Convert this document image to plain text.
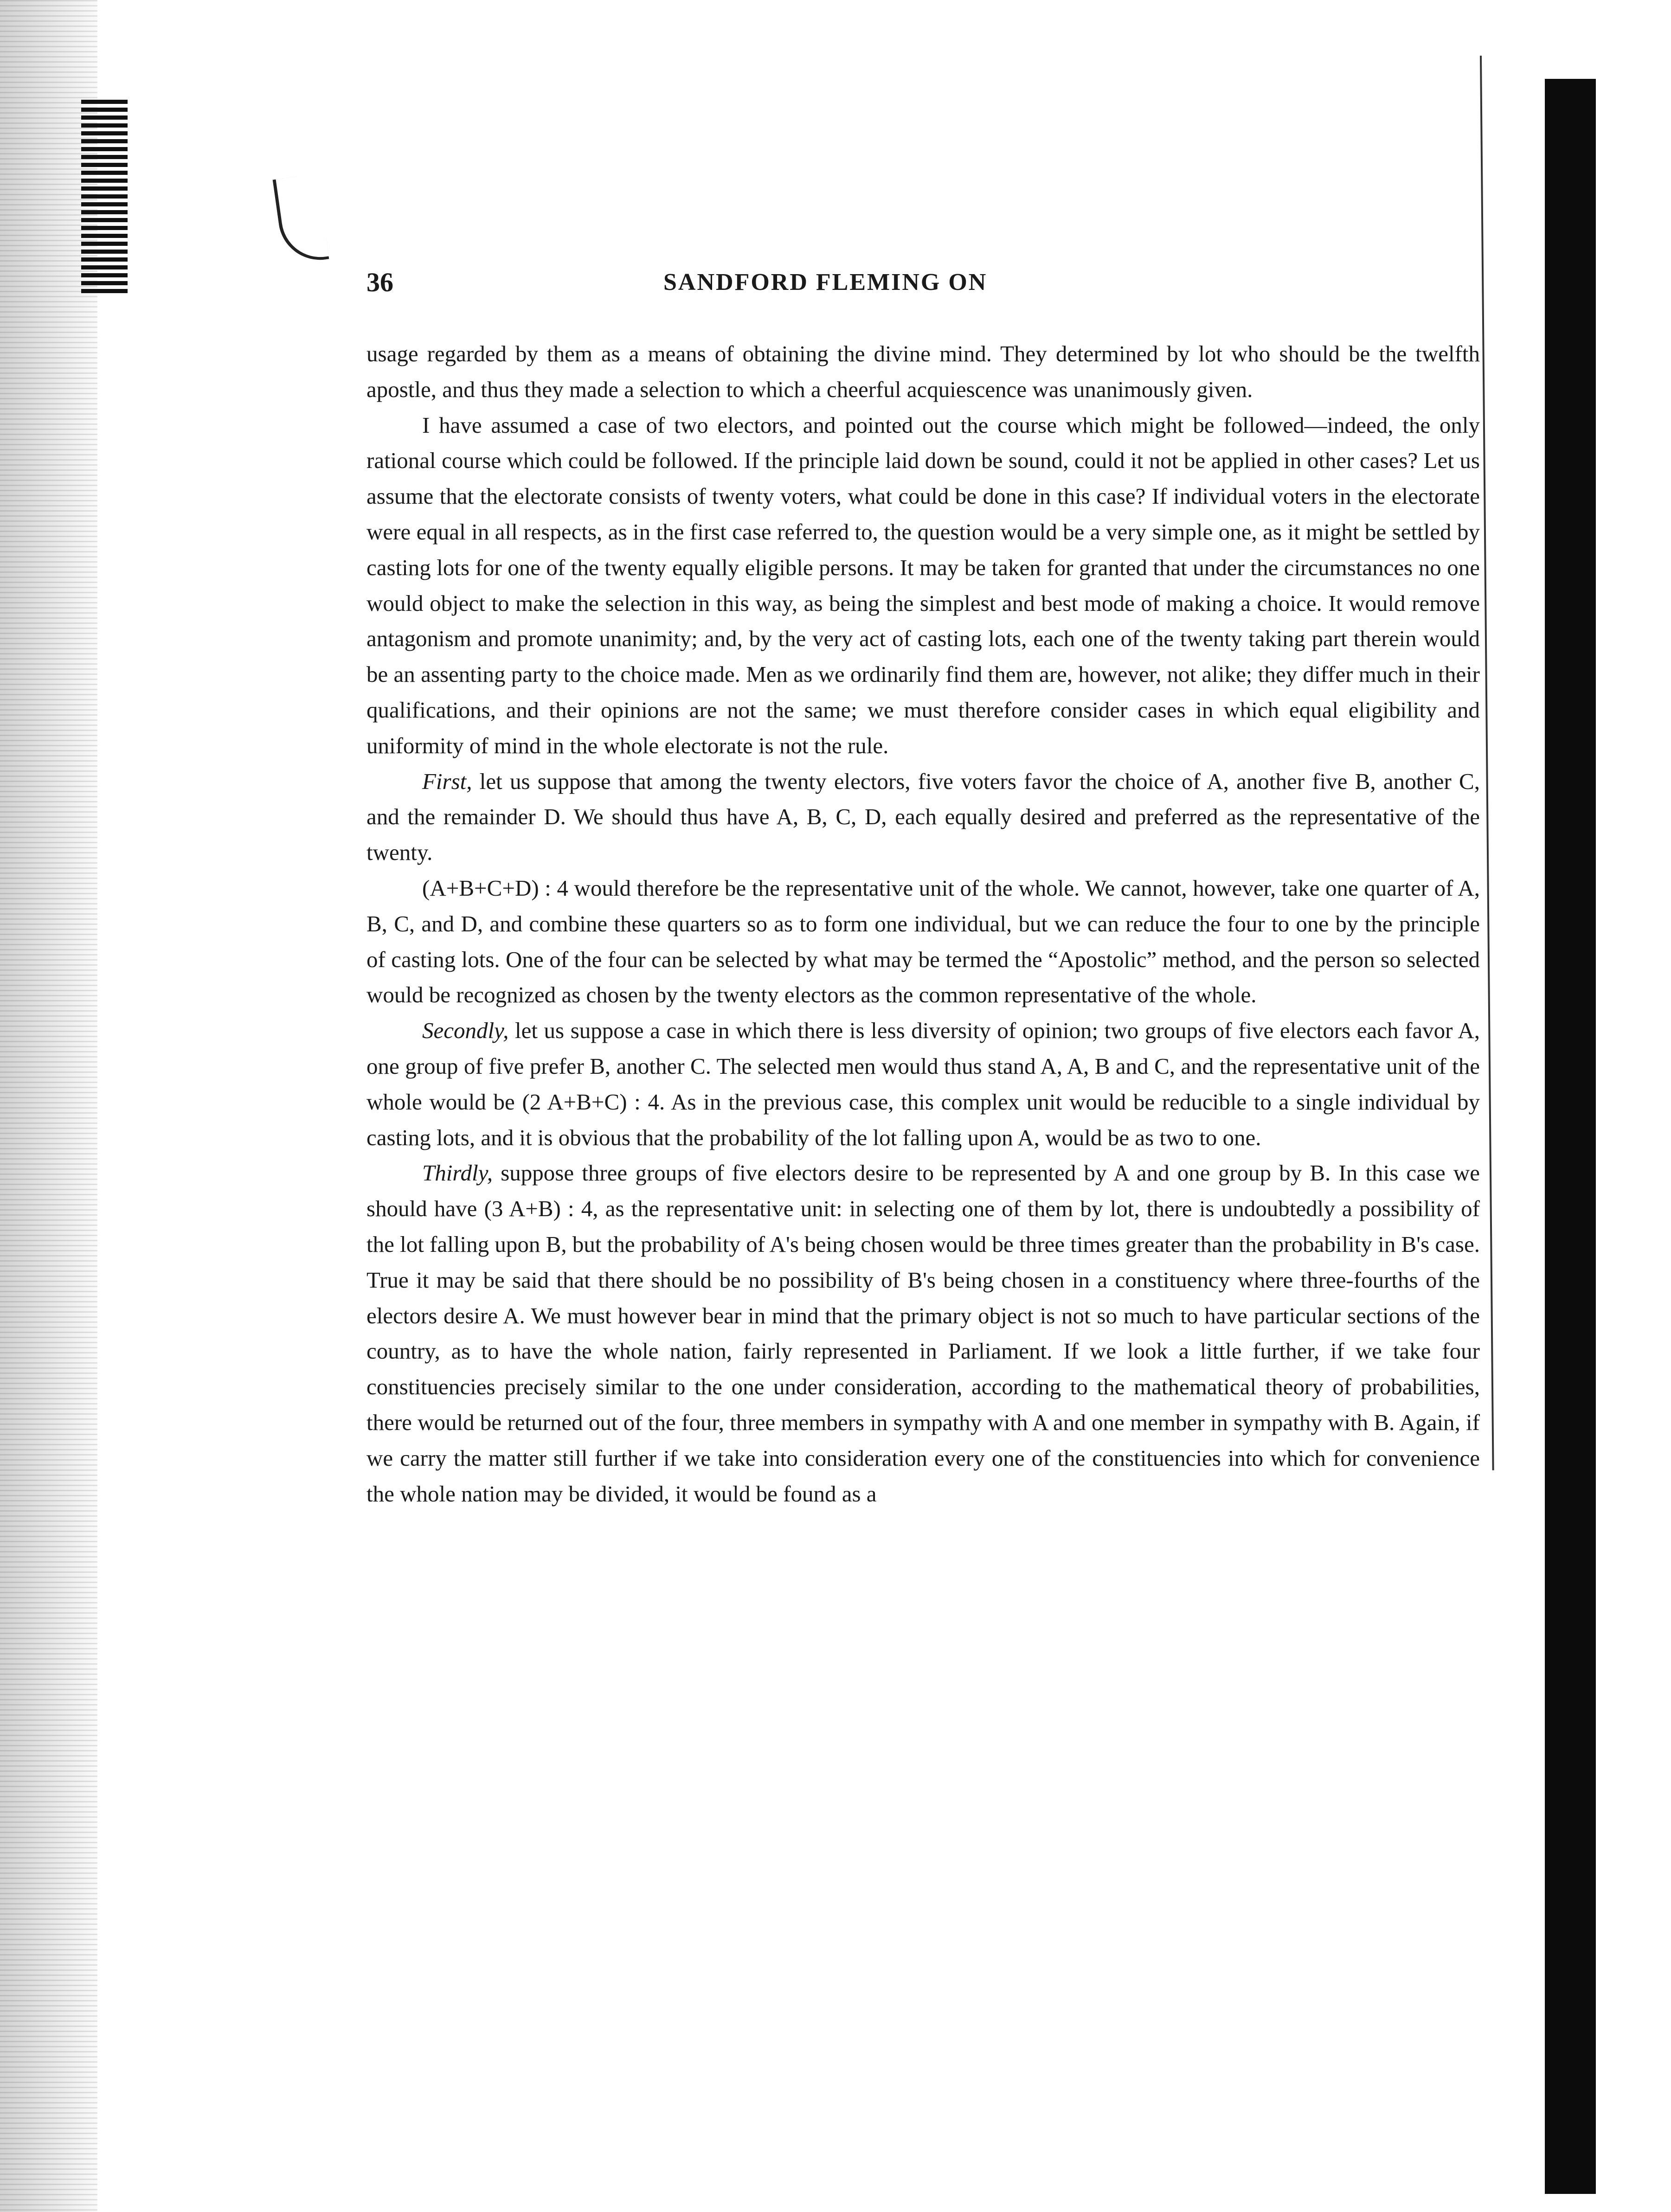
36	SANDFORD FLEMING ON

usage regarded by them as a means of obtaining the divine mind. They determined by lot who should be the twelfth apostle, and thus they made a selection to which a cheerful acquiescence was unanimously given.

I have assumed a case of two electors, and pointed out the course which might be followed—indeed, the only rational course which could be followed. If the principle laid down be sound, could it not be applied in other cases? Let us assume that the electorate consists of twenty voters, what could be done in this case? If individual voters in the electorate were equal in all respects, as in the first case referred to, the question would be a very simple one, as it might be settled by casting lots for one of the twenty equally eligible persons. It may be taken for granted that under the circumstances no one would object to make the selection in this way, as being the simplest and best mode of making a choice. It would remove antagonism and promote unanimity; and, by the very act of casting lots, each one of the twenty taking part therein would be an assenting party to the choice made. Men as we ordinarily find them are, however, not alike; they differ much in their qualifications, and their opinions are not the same; we must therefore consider cases in which equal eligibility and uniformity of mind in the whole electorate is not the rule.

First, let us suppose that among the twenty electors, five voters favor the choice of A, another five B, another C, and the remainder D. We should thus have A, B, C, D, each equally desired and preferred as the representative of the twenty.

(A+B+C+D) : 4 would therefore be the representative unit of the whole. We cannot, however, take one quarter of A, B, C, and D, and combine these quarters so as to form one individual, but we can reduce the four to one by the principle of casting lots. One of the four can be selected by what may be termed the “Apostolic” method, and the person so selected would be recognized as chosen by the twenty electors as the common representative of the whole.

Secondly, let us suppose a case in which there is less diversity of opinion; two groups of five electors each favor A, one group of five prefer B, another C. The selected men would thus stand A, A, B and C, and the representative unit of the whole would be (2 A+B+C) : 4. As in the previous case, this complex unit would be reducible to a single individual by casting lots, and it is obvious that the probability of the lot falling upon A, would be as two to one.

Thirdly, suppose three groups of five electors desire to be represented by A and one group by B. In this case we should have (3 A+B) : 4, as the representative unit: in selecting one of them by lot, there is undoubtedly a possibility of the lot falling upon B, but the probability of A's being chosen would be three times greater than the probability in B's case. True it may be said that there should be no possibility of B's being chosen in a constituency where three-fourths of the electors desire A. We must however bear in mind that the primary object is not so much to have particular sections of the country, as to have the whole nation, fairly represented in Parliament. If we look a little further, if we take four constituencies precisely similar to the one under consideration, according to the mathematical theory of probabilities, there would be returned out of the four, three members in sympathy with A and one member in sympathy with B. Again, if we carry the matter still further if we take into consideration every one of the constituencies into which for convenience the whole nation may be divided, it would be found as a
